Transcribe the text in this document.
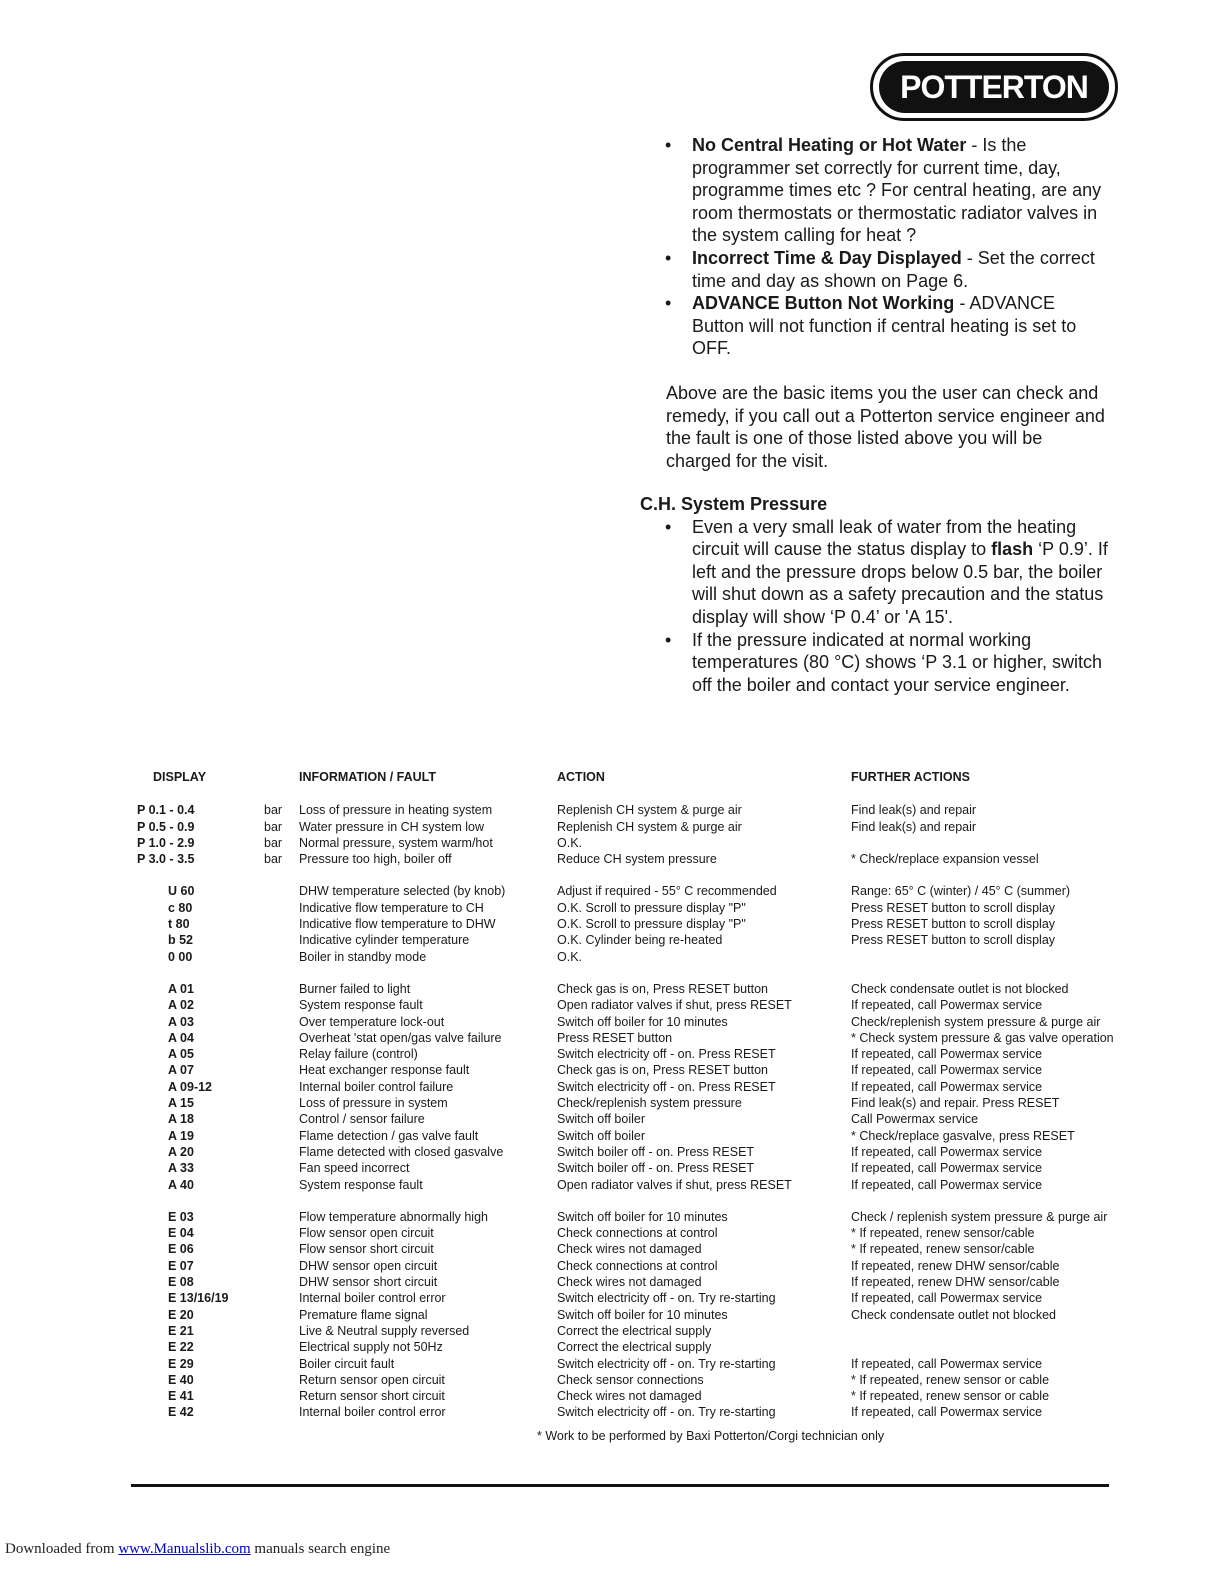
POTTERTON
• No Central Heating or Hot Water - Is the programmer set correctly for current time, day, programme times etc ? For central heating, are any room thermostats or thermostatic radiator valves in the system calling for heat ?
• Incorrect Time & Day Displayed - Set the correct time and day as shown on Page 6.
• ADVANCE Button Not Working - ADVANCE Button will not function if central heating is set to OFF.
Above are the basic items you the user can check and remedy, if you call out a Potterton service engineer and the fault is one of those listed above you will be charged for the visit.
C.H. System Pressure
• Even a very small leak of water from the heating circuit will cause the status display to flash ‘P 0.9’. If left and the pressure drops below 0.5 bar, the boiler will shut down as a safety precaution and the status display will show ‘P 0.4’ or 'A 15'.
• If the pressure indicated at normal working temperatures (80 °C) shows ‘P 3.1 or higher, switch off the boiler and contact your service engineer.
DISPLAY		INFORMATION / FAULT	ACTION	FURTHER ACTIONS
P 0.1 - 0.4	bar	Loss of pressure in heating system	Replenish CH system & purge air	Find leak(s) and repair
P 0.5 - 0.9	bar	Water pressure in CH system low	Replenish CH system & purge air	Find leak(s) and repair
P 1.0 - 2.9	bar	Normal pressure, system warm/hot	O.K.	
P 3.0 - 3.5	bar	Pressure too high, boiler off	Reduce CH system pressure	* Check/replace expansion vessel

U 60		DHW temperature selected (by knob)	Adjust if required - 55° C recommended	Range: 65° C (winter) / 45° C (summer)
c 80		Indicative flow temperature to CH	O.K. Scroll to pressure display "P"	Press RESET button to scroll display
t 80		Indicative flow temperature to DHW	O.K. Scroll to pressure display "P"	Press RESET button to scroll display
b 52		Indicative cylinder temperature	O.K. Cylinder being re-heated	Press RESET button to scroll display
0 00		Boiler in standby mode	O.K.	

A 01		Burner failed to light	Check gas is on, Press RESET button	Check condensate outlet is not blocked
A 02		System response fault	Open radiator valves if shut, press RESET	If repeated, call Powermax service
A 03		Over temperature lock-out	Switch off boiler for 10 minutes	Check/replenish system pressure & purge air
A 04		Overheat 'stat open/gas valve failure	Press RESET button	* Check system pressure & gas valve operation
A 05		Relay failure (control)	Switch electricity off - on. Press RESET	If repeated, call Powermax service
A 07		Heat exchanger response fault	Check gas is on, Press RESET button	If repeated, call Powermax service
A 09-12		Internal boiler control failure	Switch electricity off - on. Press RESET	If repeated, call Powermax service
A 15		Loss of pressure in system	Check/replenish system pressure	Find leak(s) and repair. Press RESET
A 18		Control / sensor failure	Switch off boiler	Call Powermax service
A 19		Flame detection / gas valve fault	Switch off boiler	* Check/replace gasvalve, press RESET
A 20		Flame detected with closed gasvalve	Switch boiler off - on. Press RESET	If repeated, call Powermax service
A 33		Fan speed incorrect	Switch boiler off - on. Press RESET	If repeated, call Powermax service
A 40		System response fault	Open radiator valves if shut, press RESET	If repeated, call Powermax service

E 03		Flow temperature abnormally high	Switch off boiler for 10 minutes	Check / replenish system pressure & purge air
E 04		Flow sensor open circuit	Check connections at control	* If repeated, renew sensor/cable
E 06		Flow sensor short circuit	Check wires not damaged	* If repeated, renew sensor/cable
E 07		DHW sensor open circuit	Check connections at control	If repeated, renew DHW sensor/cable
E 08		DHW sensor short circuit	Check wires not damaged	If repeated, renew DHW sensor/cable
E 13/16/19		Internal boiler control error	Switch electricity off - on. Try re-starting	If repeated, call Powermax service
E 20		Premature flame signal	Switch off boiler for 10 minutes	Check condensate outlet not blocked
E 21		Live & Neutral supply reversed	Correct the electrical supply	
E 22		Electrical supply not 50Hz	Correct the electrical supply	
E 29		Boiler circuit fault	Switch electricity off - on. Try re-starting	If repeated, call Powermax service
E 40		Return sensor open circuit	Check sensor connections	* If repeated, renew sensor or cable
E 41		Return sensor short circuit	Check wires not damaged	* If repeated, renew sensor or cable
E 42		Internal boiler control error	Switch electricity off - on. Try re-starting	If repeated, call Powermax service
* Work to be performed by Baxi Potterton/Corgi technician only
Downloaded from www.Manualslib.com manuals search engine
